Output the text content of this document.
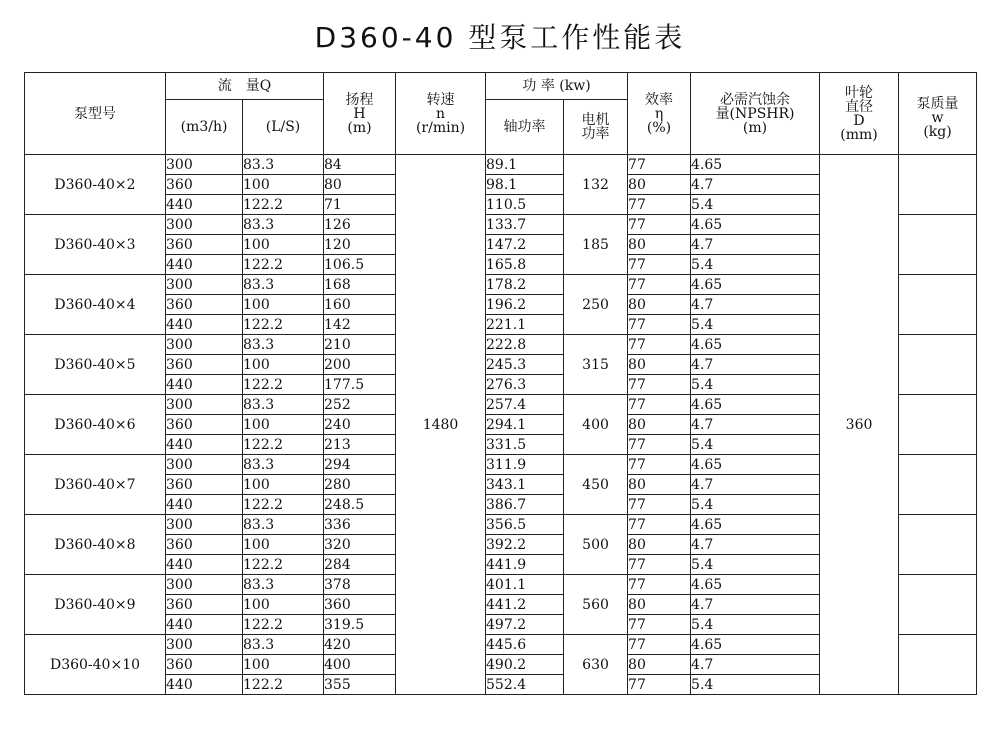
D360-40 型泵工作性能表
泵型号	流　量Q		扬程
H
(m)	转速
n
(r/min)	功 率 (kw)		效率
η
(%)	必需汽蚀余
量(NPSHR)
(m)	叶轮
直径
D
(mm)	泵质量
w
(kg)
	(m3/h)	(L/S)			轴功率	电机
功率				
D360-40×2	300	83.3	84	1480	89.1	132	77	4.65	360	
	360	100	80		98.1		80	4.7		
	440	122.2	71		110.5		77	5.4		
D360-40×3	300	83.3	126		133.7	185	77	4.65		
	360	100	120		147.2		80	4.7		
	440	122.2	106.5		165.8		77	5.4		
D360-40×4	300	83.3	168		178.2	250	77	4.65		
	360	100	160		196.2		80	4.7		
	440	122.2	142		221.1		77	5.4		
D360-40×5	300	83.3	210		222.8	315	77	4.65		
	360	100	200		245.3		80	4.7		
	440	122.2	177.5		276.3		77	5.4		
D360-40×6	300	83.3	252		257.4	400	77	4.65		
	360	100	240		294.1		80	4.7		
	440	122.2	213		331.5		77	5.4		
D360-40×7	300	83.3	294		311.9	450	77	4.65		
	360	100	280		343.1		80	4.7		
	440	122.2	248.5		386.7		77	5.4		
D360-40×8	300	83.3	336		356.5	500	77	4.65		
	360	100	320		392.2		80	4.7		
	440	122.2	284		441.9		77	5.4		
D360-40×9	300	83.3	378		401.1	560	77	4.65		
	360	100	360		441.2		80	4.7		
	440	122.2	319.5		497.2		77	5.4		
D360-40×10	300	83.3	420		445.6	630	77	4.65		
	360	100	400		490.2		80	4.7		
	440	122.2	355		552.4		77	5.4		
